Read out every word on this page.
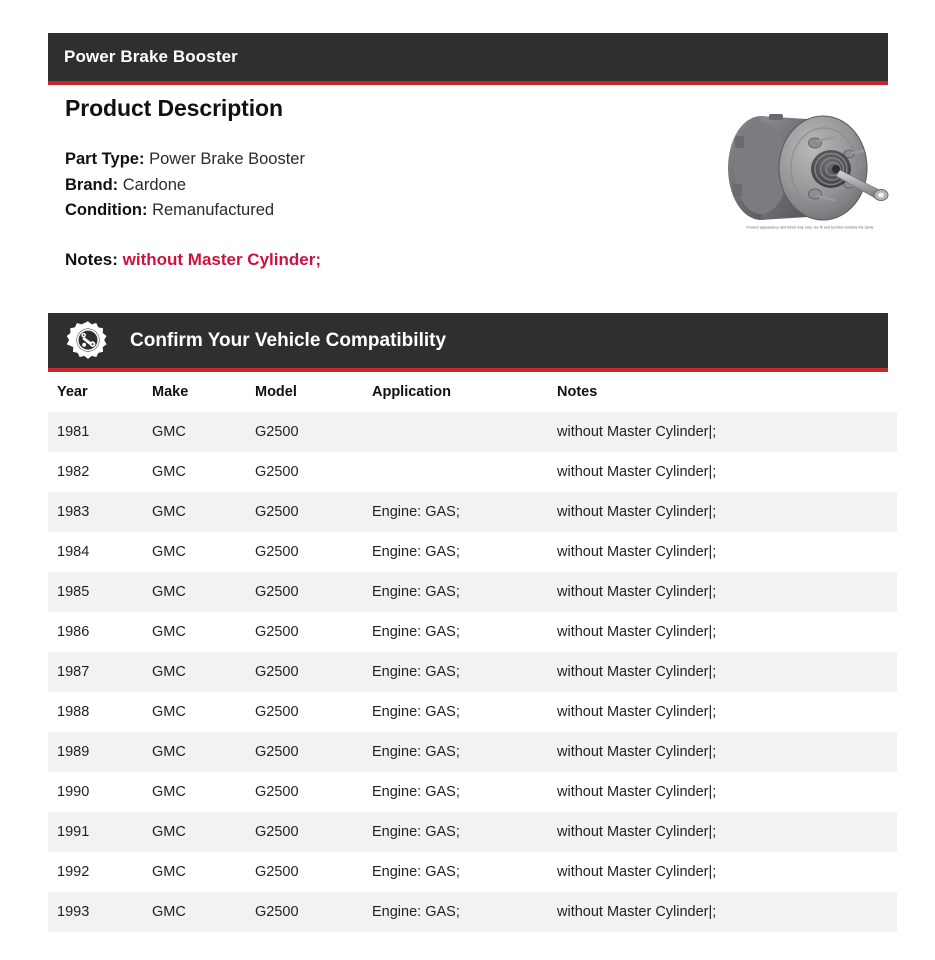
Power Brake Booster
Product Description
Part Type: Power Brake Booster
Brand: Cardone
Condition: Remanufactured
Notes: without Master Cylinder;
Product appearance and finish may vary, our fit and function remains the same
Confirm Your Vehicle Compatibility
Year	Make	Model	Application	Notes
1981	GMC	G2500		without Master Cylinder|;
1982	GMC	G2500		without Master Cylinder|;
1983	GMC	G2500	Engine: GAS;	without Master Cylinder|;
1984	GMC	G2500	Engine: GAS;	without Master Cylinder|;
1985	GMC	G2500	Engine: GAS;	without Master Cylinder|;
1986	GMC	G2500	Engine: GAS;	without Master Cylinder|;
1987	GMC	G2500	Engine: GAS;	without Master Cylinder|;
1988	GMC	G2500	Engine: GAS;	without Master Cylinder|;
1989	GMC	G2500	Engine: GAS;	without Master Cylinder|;
1990	GMC	G2500	Engine: GAS;	without Master Cylinder|;
1991	GMC	G2500	Engine: GAS;	without Master Cylinder|;
1992	GMC	G2500	Engine: GAS;	without Master Cylinder|;
1993	GMC	G2500	Engine: GAS;	without Master Cylinder|;
